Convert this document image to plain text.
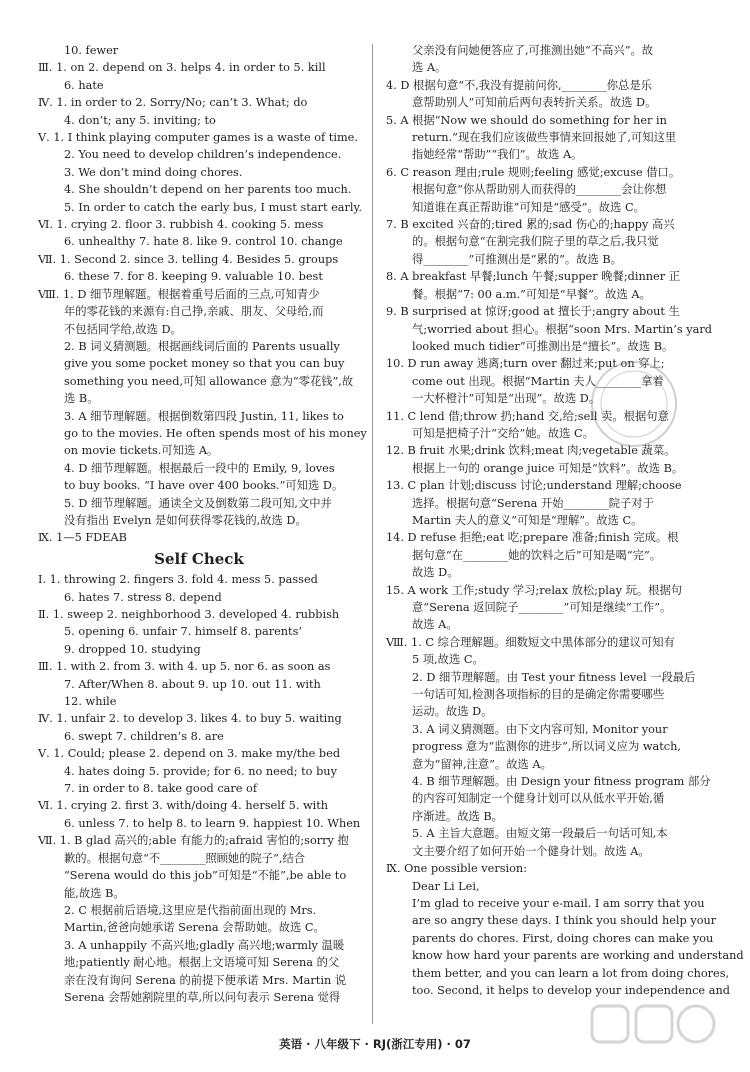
10. fewer
Ⅲ. 1. on 2. depend on 3. helps 4. in order to 5. kill
6. hate
Ⅳ. 1. in order to 2. Sorry/No; can’t 3. What; do
4. don’t; any 5. inviting; to
Ⅴ. 1. I think playing computer games is a waste of time.
2. You need to develop children’s independence.
3. We don’t mind doing chores.
4. She shouldn’t depend on her parents too much.
5. In order to catch the early bus, I must start early.
Ⅵ. 1. crying 2. floor 3. rubbish 4. cooking 5. mess
6. unhealthy 7. hate 8. like 9. control 10. change
Ⅶ. 1. Second 2. since 3. telling 4. Besides 5. groups
6. these 7. for 8. keeping 9. valuable 10. best
Ⅷ. 1. D 细节理解题。根据着重号后面的三点,可知青少
年的零花钱的来源有:自己挣,亲戚、朋友、父母给,而
不包括同学给,故选 D。
2. B 词义猜测题。根据画线词后面的 Parents usually
give you some pocket money so that you can buy
something you need,可知 allowance 意为“零花钱”,故
选 B。
3. A 细节理解题。根据倒数第四段 Justin, 11, likes to
go to the movies. He often spends most of his money
on movie tickets.可知选 A。
4. D 细节理解题。根据最后一段中的 Emily, 9, loves
to buy books. “I have over 400 books.”可知选 D。
5. D 细节理解题。通读全文及倒数第二段可知,文中并
没有指出 Evelyn 是如何获得零花钱的,故选 D。
Ⅸ. 1—5 FDEAB
Self Check
Ⅰ. 1. throwing 2. fingers 3. fold 4. mess 5. passed
6. hates 7. stress 8. depend
Ⅱ. 1. sweep 2. neighborhood 3. developed 4. rubbish
5. opening 6. unfair 7. himself 8. parents’
9. dropped 10. studying
Ⅲ. 1. with 2. from 3. with 4. up 5. nor 6. as soon as
7. After/When 8. about 9. up 10. out 11. with
12. while
Ⅳ. 1. unfair 2. to develop 3. likes 4. to buy 5. waiting
6. swept 7. children’s 8. are
Ⅴ. 1. Could; please 2. depend on 3. make my/the bed
4. hates doing 5. provide; for 6. no need; to buy
7. in order to 8. take good care of
Ⅵ. 1. crying 2. first 3. with/doing 4. herself 5. with
6. unless 7. to help 8. to learn 9. happiest 10. When
Ⅶ. 1. B glad 高兴的;able 有能力的;afraid 害怕的;sorry 抱
歉的。根据句意“不________照顾她的院子”,结合
“Serena would do this job”可知是“不能”,be able to
能,故选 B。
2. C 根据前后语境,这里应是代指前面出现的 Mrs.
Martin,爸爸向她承诺 Serena 会帮助她。故选 C。
3. A unhappily 不高兴地;gladly 高兴地;warmly 温暖
地;patiently 耐心地。根据上文语境可知 Serena 的父
亲在没有询问 Serena 的前提下便承诺 Mrs. Martin 说
Serena 会帮她割院里的草,所以问句表示 Serena 觉得
父亲没有问她便答应了,可推测出她“不高兴”。故
选 A。
4. D 根据句意“不,我没有提前问你,________你总是乐
意帮助别人”可知前后两句表转折关系。故选 D。
5. A 根据“Now we should do something for her in
return.”现在我们应该做些事情来回报她了,可知这里
指她经常“帮助”“我们”。故选 A。
6. C reason 理由;rule 规则;feeling 感觉;excuse 借口。
根据句意“你从帮助别人而获得的________会让你想
知道谁在真正帮助谁”可知是“感受”。故选 C。
7. B excited 兴奋的;tired 累的;sad 伤心的;happy 高兴
的。根据句意“在割完我们院子里的草之后,我只觉
得________”可推测出是“累的”。故选 B。
8. A breakfast 早餐;lunch 午餐;supper 晚餐;dinner 正
餐。根据“7: 00 a.m.”可知是“早餐”。故选 A。
9. B surprised at 惊讶;good at 擅长于;angry about 生
气;worried about 担心。根据“soon Mrs. Martin’s yard
looked much tidier”可推测出是“擅长”。故选 B。
10. D run away 逃离;turn over 翻过来;put on 穿上;
come out 出现。根据“Martin 夫人________拿着
一大杯橙汁”可知是“出现”。故选 D。
11. C lend 借;throw 扔;hand 交,给;sell 卖。根据句意
可知是把椅子汁“交给”她。故选 C。
12. B fruit 水果;drink 饮料;meat 肉;vegetable 蔬菜。
根据上一句的 orange juice 可知是“饮料”。故选 B。
13. C plan 计划;discuss 讨论;understand 理解;choose
选择。根据句意“Serena 开始________院子对于
Martin 夫人的意义”可知是“理解”。故选 C。
14. D refuse 拒绝;eat 吃;prepare 准备;finish 完成。根
据句意“在________她的饮料之后”可知是喝“完”。
故选 D。
15. A work 工作;study 学习;relax 放松;play 玩。根据句
意“Serena 返回院子________”可知是继续“工作”。
故选 A。
Ⅷ. 1. C 综合理解题。细数短文中黑体部分的建议可知有
5 项,故选 C。
2. D 细节理解题。由 Test your fitness level 一段最后
一句话可知,检测各项指标的目的是确定你需要哪些
运动。故选 D。
3. A 词义猜测题。由下文内容可知, Monitor your
progress 意为“监测你的进步”,所以词义应为 watch,
意为“留神,注意”。故选 A。
4. B 细节理解题。由 Design your fitness program 部分
的内容可知制定一个健身计划可以从低水平开始,循
序渐进。故选 B。
5. A 主旨大意题。由短文第一段最后一句话可知,本
文主要介绍了如何开始一个健身计划。故选 A。
Ⅸ. One possible version:
Dear Li Lei,
I’m glad to receive your e-mail. I am sorry that you
are so angry these days. I think you should help your
parents do chores. First, doing chores can make you
know how hard your parents are working and understand
them better, and you can learn a lot from doing chores,
too. Second, it helps to develop your independence and
英语 · 八年级下 · RJ(浙江专用) · 07
